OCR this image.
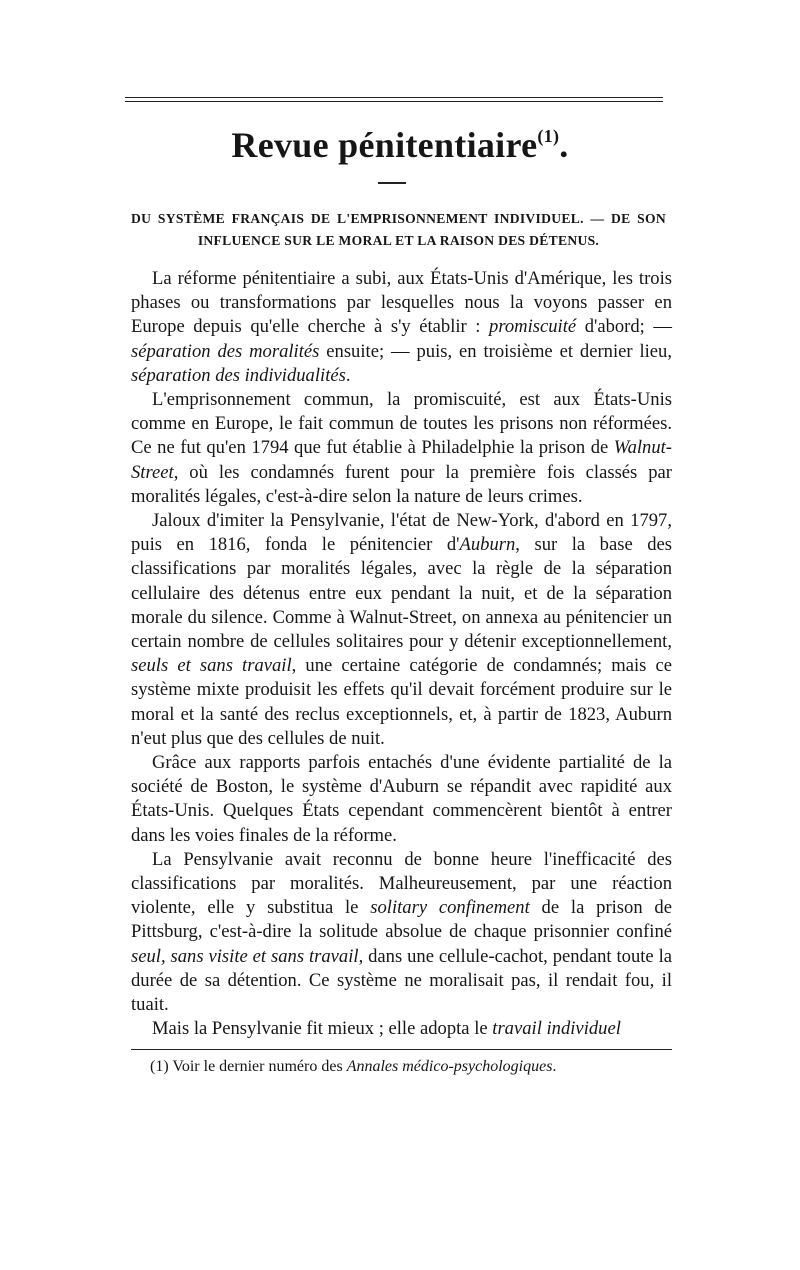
Revue pénitentiaire$^{(1)}$.
DU SYSTÈME FRANÇAIS DE L'EMPRISONNEMENT INDIVIDUEL. — DE SON INFLUENCE SUR LE MORAL ET LA RAISON DES DÉTENUS.

La réforme pénitentiaire a subi, aux États-Unis d'Amérique, les trois phases ou transformations par lesquelles nous la voyons passer en Europe depuis qu'elle cherche à s'y établir : promiscuité d'abord; — séparation des moralités ensuite; — puis, en troisième et dernier lieu, séparation des individualités.

L'emprisonnement commun, la promiscuité, est aux États-Unis comme en Europe, le fait commun de toutes les prisons non réformées. Ce ne fut qu'en 1794 que fut établie à Philadelphie la prison de Walnut-Street, où les condamnés furent pour la première fois classés par moralités légales, c'est-à-dire selon la nature de leurs crimes.

Jaloux d'imiter la Pensylvanie, l'état de New-York, d'abord en 1797, puis en 1816, fonda le pénitencier d'Auburn, sur la base des classifications par moralités légales, avec la règle de la séparation cellulaire des détenus entre eux pendant la nuit, et de la séparation morale du silence. Comme à Walnut-Street, on annexa au pénitencier un certain nombre de cellules solitaires pour y détenir exceptionnellement, seuls et sans travail, une certaine catégorie de condamnés; mais ce système mixte produisit les effets qu'il devait forcément produire sur le moral et la santé des reclus exceptionnels, et, à partir de 1823, Auburn n'eut plus que des cellules de nuit.

Grâce aux rapports parfois entachés d'une évidente partialité de la société de Boston, le système d'Auburn se répandit avec rapidité aux États-Unis. Quelques États cependant commencèrent bientôt à entrer dans les voies finales de la réforme.

La Pensylvanie avait reconnu de bonne heure l'inefficacité des classifications par moralités. Malheureusement, par une réaction violente, elle y substitua le solitary confinement de la prison de Pittsburg, c'est-à-dire la solitude absolue de chaque prisonnier confiné seul, sans visite et sans travail, dans une cellule-cachot, pendant toute la durée de sa détention. Ce système ne moralisait pas, il rendait fou, il tuait.

Mais la Pensylvanie fit mieux ; elle adopta le travail individuel

(1) Voir le dernier numéro des Annales médico-psychologiques.
